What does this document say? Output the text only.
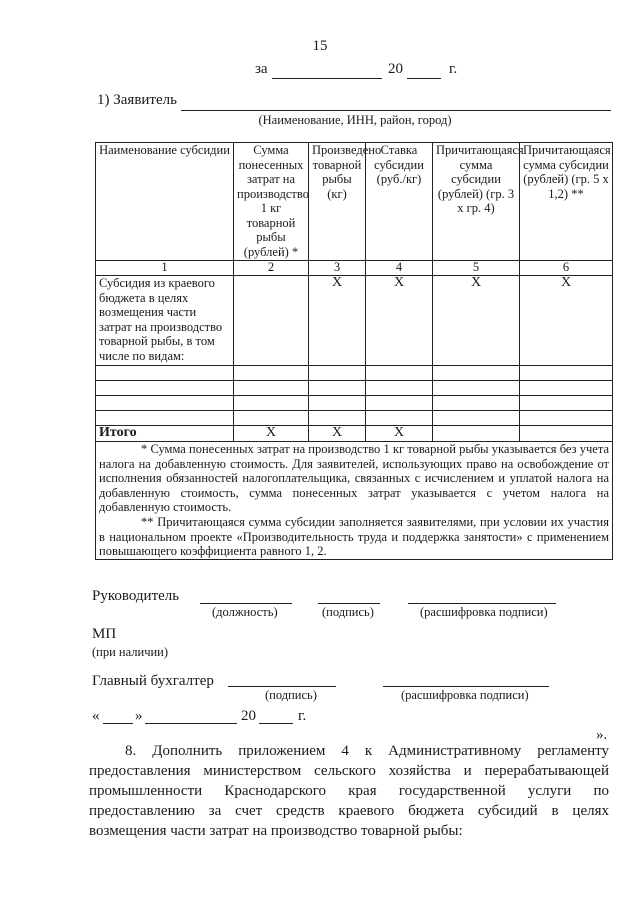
15
за	20	г.
1) Заявитель
(Наименование, ИНН, район, город)
Наименование субсидии	Сумма понесенных затрат на производство 1 кг товарной рыбы (рублей) *	Произведено товарной рыбы (кг)	Ставка субсидии (руб./кг)	Причитающаяся сумма субсидии (рублей) (гр. 3 x гр. 4)	Причитающаяся сумма субсидии (рублей) (гр. 5 x 1,2) **
1	2	3	4	5	6
Субсидия из краевого бюджета в целях возмещения части затрат на производство товарной рыбы, в том числе по видам:		X	X	X	X

Итого	X	X	X		

* Сумма понесенных затрат на производство 1 кг товарной рыбы указывается без учета налога на добавленную стоимость. Для заявителей, использующих право на освобождение от исполнения обязанностей налогоплательщика, связанных с исчислением и уплатой налога на добавленную стоимость, сумма понесенных затрат указывается с учетом налога на добавленную стоимость.
** Причитающаяся сумма субсидии заполняется заявителями, при условии их участия в национальном проекте «Производительность труда и поддержка занятости» с применением повышающего коэффициента равного 1, 2.					
Руководитель
(должность)	(подпись)	(расшифровка подписи)
МП
(при наличии)
Главный бухгалтер
(подпись)	(расшифровка подписи)
« »	20	г.
».
8. Дополнить приложением 4 к Административному регламенту предоставления министерством сельского хозяйства и перерабатывающей промышленности Краснодарского края государственной услуги по предоставлению за счет средств краевого бюджета субсидий в целях возмещения части затрат на производство товарной рыбы:
